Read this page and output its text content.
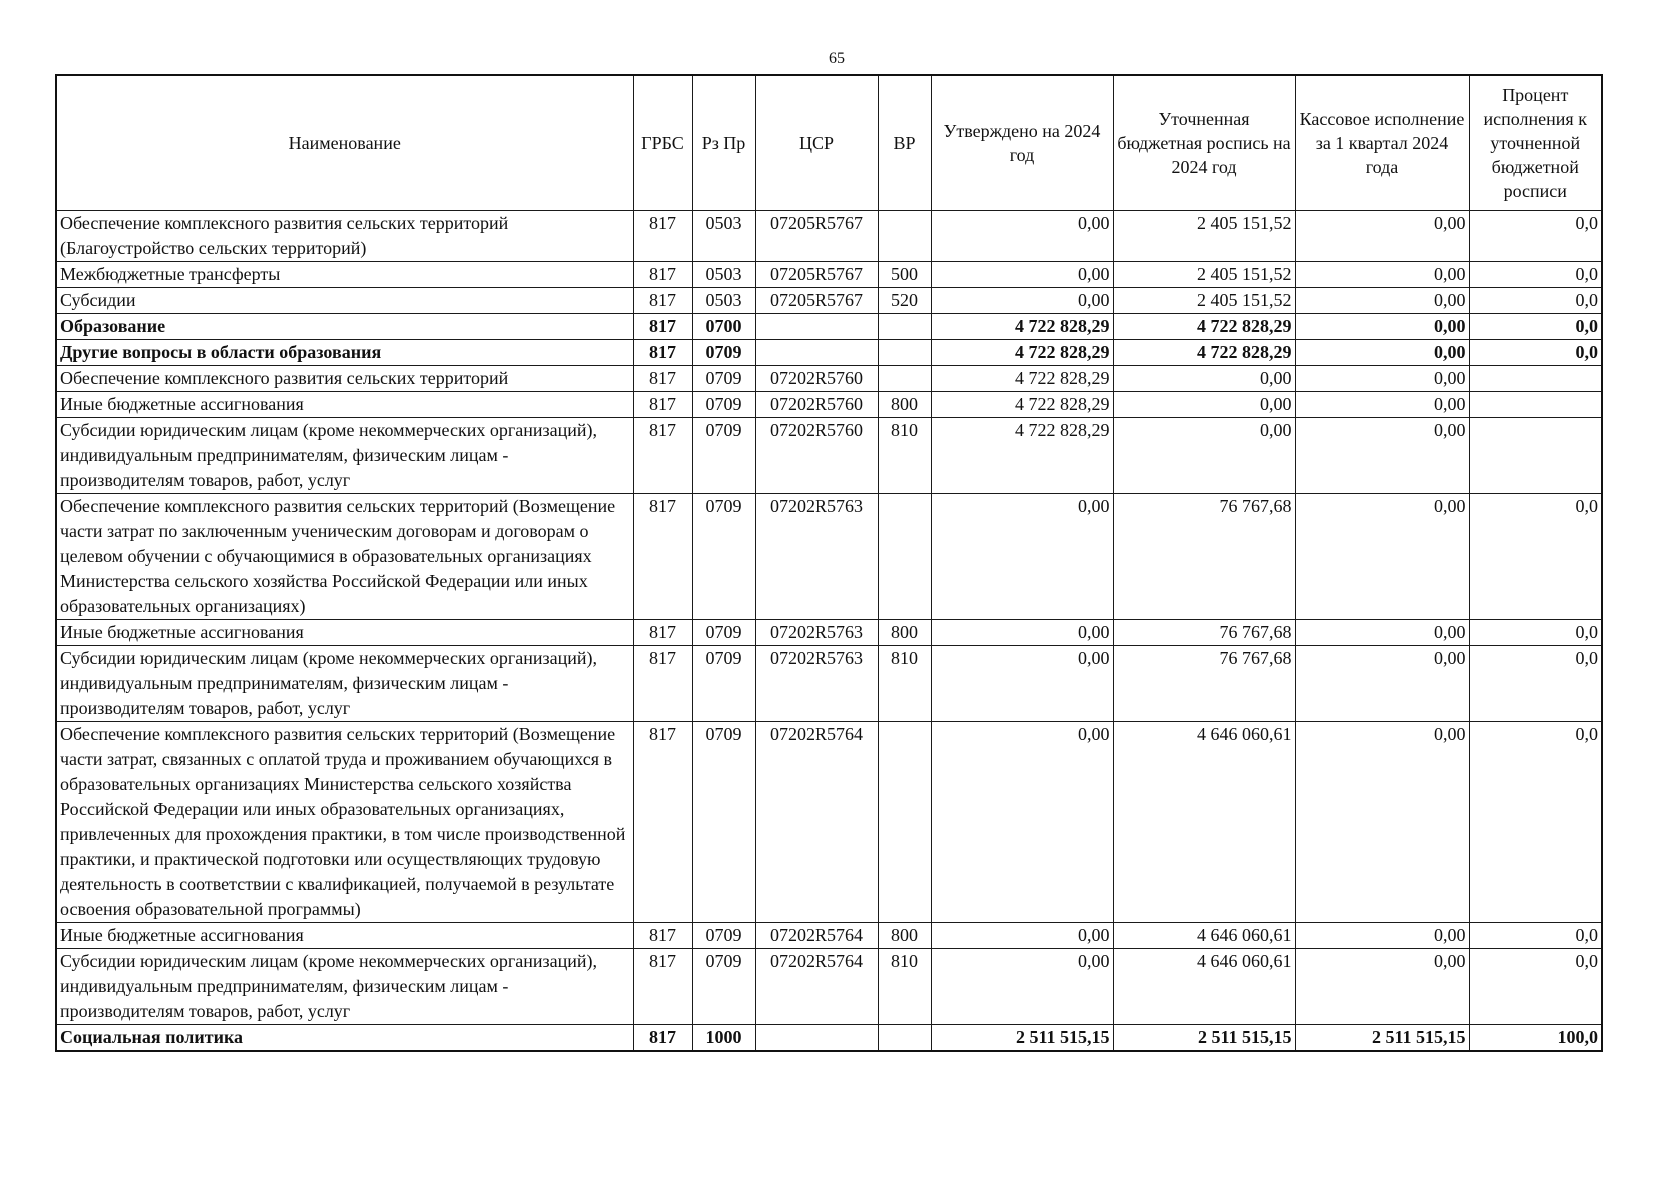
65
Наименование	ГРБС	Рз Пр	ЦСР	ВР	Утверждено на 2024 год	Уточненная бюджетная роспись на 2024 год	Кассовое исполнение за 1 квартал 2024 года	Процент исполнения к уточненной бюджетной росписи
Обеспечение комплексного развития сельских территорий (Благоустройство сельских территорий)	817	0503	07205R5767		0,00	2 405 151,52	0,00	0,0
Межбюджетные трансферты	817	0503	07205R5767	500	0,00	2 405 151,52	0,00	0,0
Субсидии	817	0503	07205R5767	520	0,00	2 405 151,52	0,00	0,0
Образование	817	0700			4 722 828,29	4 722 828,29	0,00	0,0
Другие вопросы в области образования	817	0709			4 722 828,29	4 722 828,29	0,00	0,0
Обеспечение комплексного развития сельских территорий	817	0709	07202R5760		4 722 828,29	0,00	0,00	
Иные бюджетные ассигнования	817	0709	07202R5760	800	4 722 828,29	0,00	0,00	
Субсидии юридическим лицам (кроме некоммерческих организаций), индивидуальным предпринимателям, физическим лицам - производителям товаров, работ, услуг	817	0709	07202R5760	810	4 722 828,29	0,00	0,00	
Обеспечение комплексного развития сельских территорий (Возмещение части затрат по заключенным ученическим договорам и договорам о целевом обучении с обучающимися в образовательных организациях Министерства сельского хозяйства Российской Федерации или иных образовательных организациях)	817	0709	07202R5763		0,00	76 767,68	0,00	0,0
Иные бюджетные ассигнования	817	0709	07202R5763	800	0,00	76 767,68	0,00	0,0
Субсидии юридическим лицам (кроме некоммерческих организаций), индивидуальным предпринимателям, физическим лицам - производителям товаров, работ, услуг	817	0709	07202R5763	810	0,00	76 767,68	0,00	0,0
Обеспечение комплексного развития сельских территорий (Возмещение части затрат, связанных с оплатой труда и проживанием обучающихся в образовательных организациях Министерства сельского хозяйства Российской Федерации или иных образовательных организациях, привлеченных для прохождения практики, в том числе производственной практики, и практической подготовки или осуществляющих трудовую деятельность в соответствии с квалификацией, получаемой в результате освоения образовательной программы)	817	0709	07202R5764		0,00	4 646 060,61	0,00	0,0
Иные бюджетные ассигнования	817	0709	07202R5764	800	0,00	4 646 060,61	0,00	0,0
Субсидии юридическим лицам (кроме некоммерческих организаций), индивидуальным предпринимателям, физическим лицам - производителям товаров, работ, услуг	817	0709	07202R5764	810	0,00	4 646 060,61	0,00	0,0
Социальная политика	817	1000			2 511 515,15	2 511 515,15	2 511 515,15	100,0
